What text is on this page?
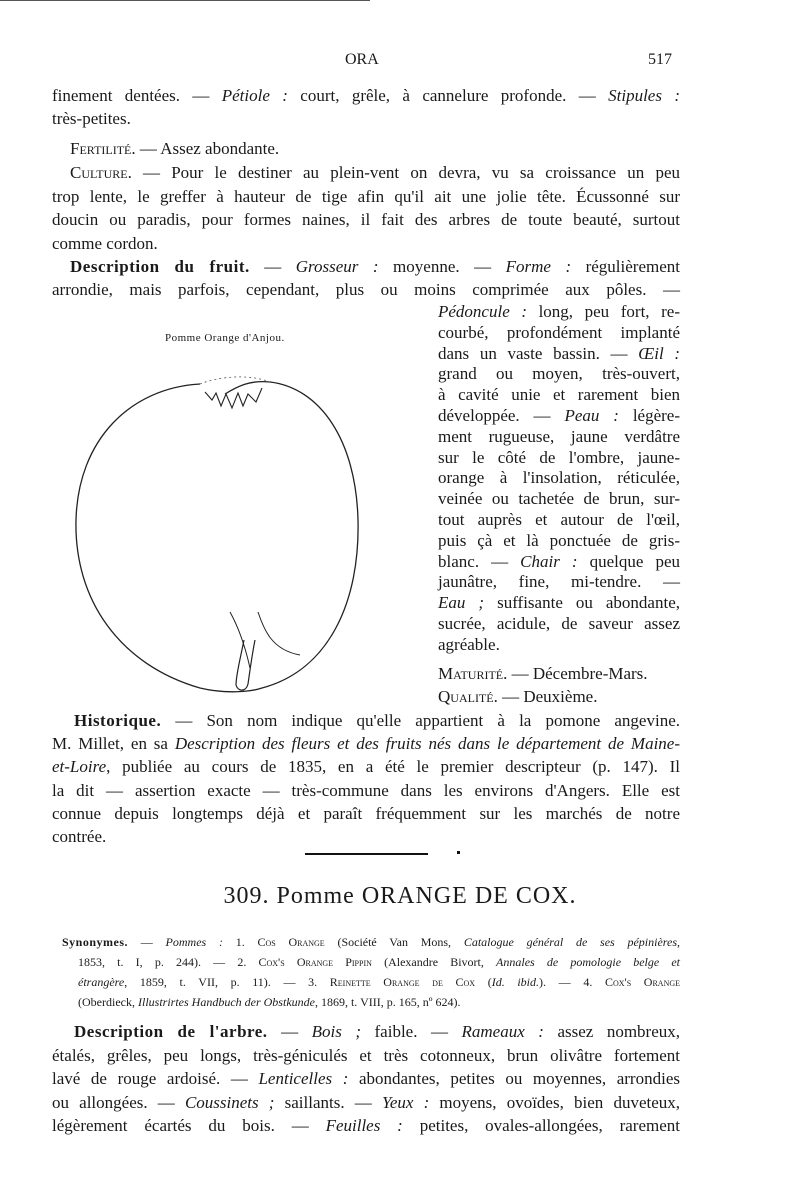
ORA	517
finement dentées. — Pétiole : court, grêle, à cannelure profonde. — Stipules :
très-petites.
Fertilité. — Assez abondante.
Culture. — Pour le destiner au plein-vent on devra, vu sa croissance un peu
trop lente, le greffer à hauteur de tige afin qu'il ait une jolie tête. Écussonné sur
doucin ou paradis, pour formes naines, il fait des arbres de toute beauté, surtout
comme cordon.
Description du fruit. — Grosseur : moyenne. — Forme : régulièrement
arrondie, mais parfois, cependant, plus ou moins comprimée aux pôles. —
Pédoncule : long, peu fort, re-
courbé, profondément implanté
dans un vaste bassin. — Œil :
grand ou moyen, très-ouvert,
à cavité unie et rarement bien
développée. — Peau : légère-
ment rugueuse, jaune verdâtre
sur le côté de l'ombre, jaune-
orange à l'insolation, réticulée,
veinée ou tachetée de brun, sur-
tout auprès et autour de l'œil,
puis çà et là ponctuée de gris-
blanc. — Chair : quelque peu
jaunâtre, fine, mi-tendre. —
Eau ; suffisante ou abondante,
sucrée, acidule, de saveur assez
agréable.
Maturité. — Décembre-Mars.
Qualité. — Deuxième.
Historique. — Son nom indique qu'elle appartient à la pomone angevine.
M. Millet, en sa Description des fleurs et des fruits nés dans le département de Maine-
et-Loire, publiée au cours de 1835, en a été le premier descripteur (p. 147). Il
la dit — assertion exacte — très-commune dans les environs d'Angers. Elle est
connue depuis longtemps déjà et paraît fréquemment sur les marchés de notre
contrée.
Synonymes. — Pommes : 1. Cos Orange (Société Van Mons, Catalogue général de ses pépinières,
1853, t. I, p. 244). — 2. Cox's Orange Pippin (Alexandre Bivort, Annales de pomologie belge et
étrangère, 1859, t. VII, p. 11). — 3. Reinette Orange de Cox (Id. ibid.). — 4. Cox's Orange
(Oberdieck, Illustrirtes Handbuch der Obstkunde, 1869, t. VIII, p. 165, nº 624).
Description de l'arbre. — Bois ; faible. — Rameaux : assez nombreux,
étalés, grêles, peu longs, très-géniculés et très cotonneux, brun olivâtre fortement
lavé de rouge ardoisé. — Lenticelles : abondantes, petites ou moyennes, arrondies
ou allongées. — Coussinets ; saillants. — Yeux : moyens, ovoïdes, bien duveteux,
légèrement écartés du bois. — Feuilles : petites, ovales-allongées, rarement
Pomme Orange d'Anjou.
309. Pomme ORANGE DE COX.
